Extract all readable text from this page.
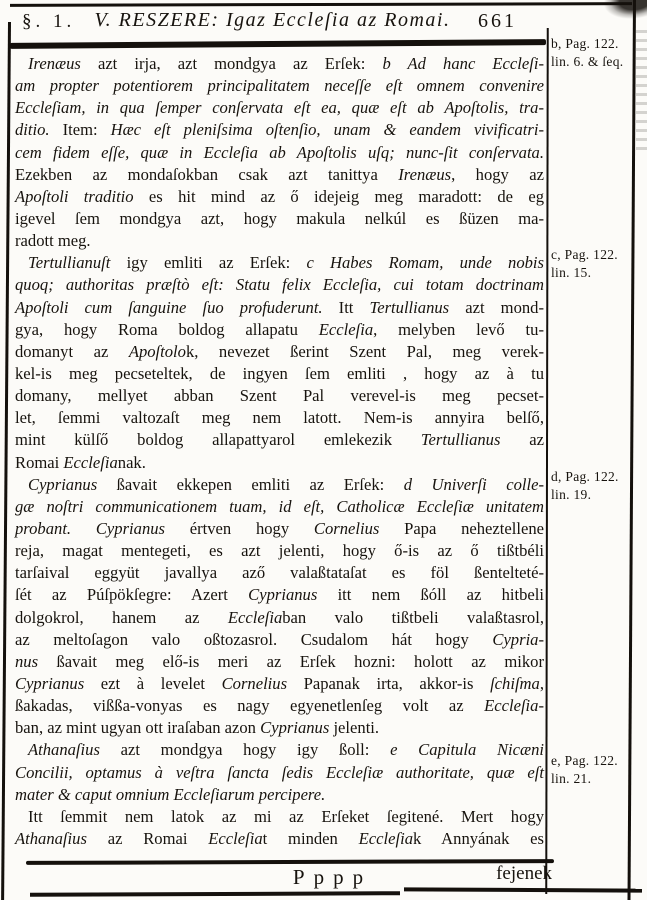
§. 1. V. RESZERE: Igaz Eccleſia az Romai.	661
Irenæus azt irja, azt mondgya az Erſek: b Ad hanc Eccleſi-
am propter potentiorem principalitatem neceſſe eſt omnem convenire
Eccleſiam, in qua ſemper conſervata eſt ea, quæ eſt ab Apoſtolis, tra-
ditio. Item: Hæc eſt pleniſsima oſtenſio, unam & eandem vivificatri-
cem fidem eſſe, quæ in Eccleſia ab Apoſtolis uſq; nunc-ſit conſervata.
Ezekben az mondaſokban csak azt tanittya Irenæus, hogy az
Apoſtoli traditio es hit mind az ő idejeig meg maradott: de eg
igevel ſem mondgya azt, hogy makula nelkúl es ßüzen ma-
radott meg.
Tertullianuſt igy emliti az Erſek: c Habes Romam, unde nobis
quoq; authoritas præſtò eſt: Statu felix Eccleſia, cui totam doctrinam
Apoſtoli cum ſanguine ſuo profuderunt. Itt Tertullianus azt mond-
gya, hogy Roma boldog allapatu Eccleſia, melyben levő tu-
domanyt az Apoſtolok, nevezet ßerint Szent Pal, meg verek-
kel-is meg pecseteltek, de ingyen ſem emliti , hogy az à tu
domany, mellyet abban Szent Pal verevel-is meg pecset-
let, ſemmi valtozaſt meg nem latott. Nem-is annyira belſő,
mint külſő boldog allapattyarol emlekezik Tertullianus az
Romai Eccleſianak.
Cyprianus ßavait ekkepen emliti az Erſek: d Univerſi colle-
gæ noſtri communicationem tuam, id eſt, Catholicæ Eccleſiæ unitatem
probant. Cyprianus értven hogy Cornelius Papa neheztellene
reja, magat mentegeti, es azt jelenti, hogy ő-is az ő tißtbéli
tarſaival eggyüt javallya aző valaßtataſat es föl ßentelteté-
ſét az Púſpökſegre: Azert Cyprianus itt nem ßóll az hitbeli
dolgokrol, hanem az Eccleſiaban valo tißtbeli valaßtasrol,
az meltoſagon valo oßtozasrol. Csudalom hát hogy Cypria-
nus ßavait meg elő-is meri az Erſek hozni: holott az mikor
Cyprianus ezt à levelet Cornelius Papanak irta, akkor-is ſchiſma,
ßakadas, vißßa-vonyas es nagy egyenetlenſeg volt az Eccleſia-
ban, az mint ugyan ott iraſaban azon Cyprianus jelenti.
Athanaſius azt mondgya hogy igy ßoll: e Capitula Nicæni
Concilii, optamus à veſtra ſancta ſedis Eccleſiæ authoritate, quæ eſt
mater & caput omnium Eccleſiarum percipere.
Itt ſemmit nem latok az mi az Erſeket ſegitené. Mert hogy
Athanaſius az Romai Eccleſiat minden Eccleſiak Annyának es
b, Pag. 122.
lin. 6. & ſeq.
c, Pag. 122.
lin. 15.
d, Pag. 122.
lin. 19.
e, Pag. 122.
lin. 21.
Pppp	fejenek
